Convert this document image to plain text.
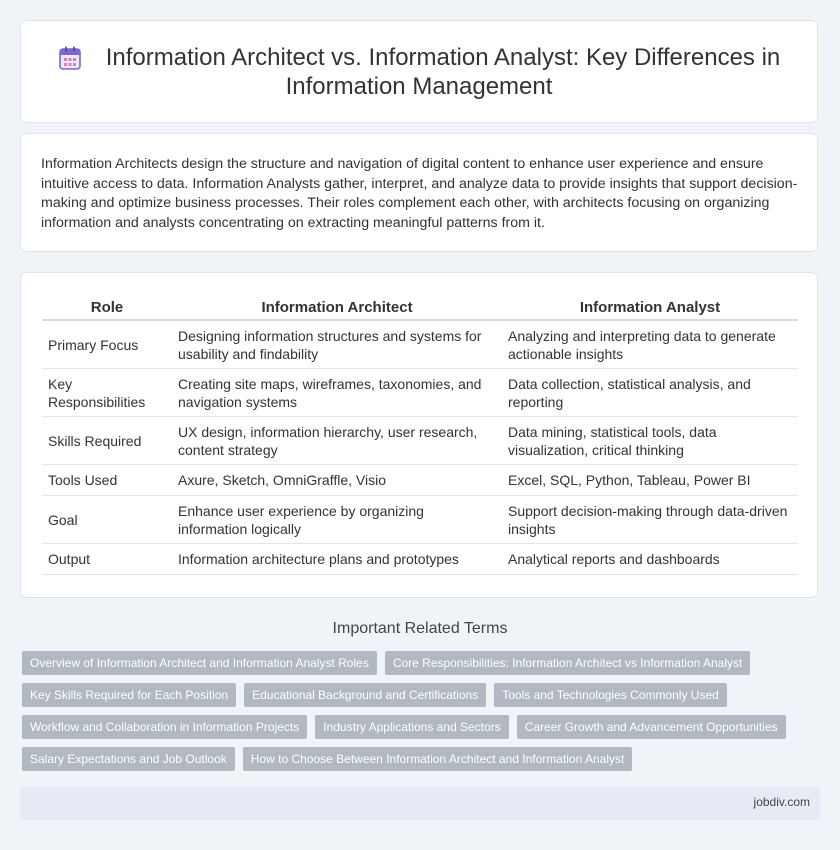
Information Architect vs. Information Analyst: Key Differences in
Information Management

Information Architects design the structure and navigation of digital content to enhance user experience and ensure intuitive access to data. Information Analysts gather, interpret, and analyze data to provide insights that support decision-making and optimize business processes. Their roles complement each other, with architects focusing on organizing information and analysts concentrating on extracting meaningful patterns from it.

Role	Information Architect	Information Analyst
Primary Focus	Designing information structures and systems for usability and findability	Analyzing and interpreting data to generate actionable insights
Key Responsibilities	Creating site maps, wireframes, taxonomies, and navigation systems	Data collection, statistical analysis, and reporting
Skills Required	UX design, information hierarchy, user research, content strategy	Data mining, statistical tools, data visualization, critical thinking
Tools Used	Axure, Sketch, OmniGraffle, Visio	Excel, SQL, Python, Tableau, Power BI
Goal	Enhance user experience by organizing information logically	Support decision-making through data-driven insights
Output	Information architecture plans and prototypes	Analytical reports and dashboards
Important Related Terms
Overview of Information Architect and Information Analyst Roles	Core Responsibilities: Information Architect vs Information Analyst
Key Skills Required for Each Position	Educational Background and Certifications	Tools and Technologies Commonly Used
Workflow and Collaboration in Information Projects	Industry Applications and Sectors	Career Growth and Advancement Opportunities
Salary Expectations and Job Outlook	How to Choose Between Information Architect and Information Analyst
jobdiv.com
